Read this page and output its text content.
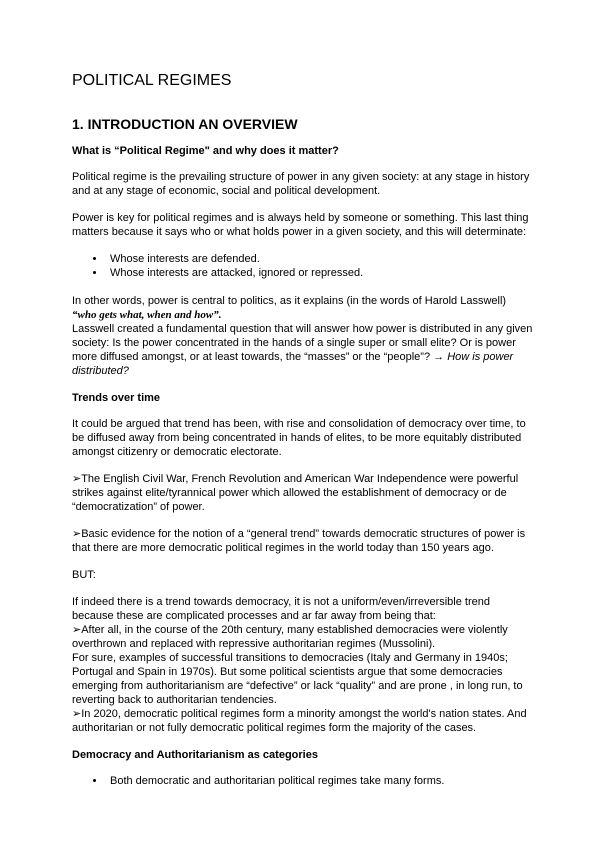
POLITICAL REGIMES
1. INTRODUCTION AN OVERVIEW
What is “Political Regime" and why does it matter?

Political regime is the prevailing structure of power in any given society: at any stage in history and at any stage of economic, social and political development.

Power is key for political regimes and is always held by someone or something. This last thing matters because it says who or what holds power in a given society, and this will determinate:

• Whose interests are defended.
• Whose interests are attacked, ignored or repressed.

In other words, power is central to politics, as it explains (in the words of Harold Lasswell)
“who gets what, when and how”.

Lasswell created a fundamental question that will answer how power is distributed in any given society: Is the power concentrated in the hands of a single super or small elite? Or is power more diffused amongst, or at least towards, the “masses” or the “people”? → How is power distributed?

Trends over time

It could be argued that trend has been, with rise and consolidation of democracy over time, to be diffused away from being concentrated in hands of elites, to be more equitably distributed amongst citizenry or democratic electorate.

➢The English Civil War, French Revolution and American War Independence were powerful strikes against elite/tyrannical power which allowed the establishment of democracy or de “democratization” of power.

➢Basic evidence for the notion of a “general trend” towards democratic structures of power is that there are more democratic political regimes in the world today than 150 years ago.

BUT:

If indeed there is a trend towards democracy, it is not a uniform/even/irreversible trend because these are complicated processes and ar far away from being that:

➢After all, in the course of the 20th century, many established democracies were violently overthrown and replaced with repressive authoritarian regimes (Mussolini).

For sure, examples of successful transitions to democracies (Italy and Germany in 1940s; Portugal and Spain in 1970s). But some political scientists argue that some democracies emerging from authoritarianism are “defective” or lack “quality” and are prone , in long run, to reverting back to authoritarian tendencies.

➢In 2020, democratic political regimes form a minority amongst the world's nation states. And authoritarian or not fully democratic political regimes form the majority of the cases.

Democracy and Authoritarianism as categories
• Both democratic and authoritarian political regimes take many forms.
